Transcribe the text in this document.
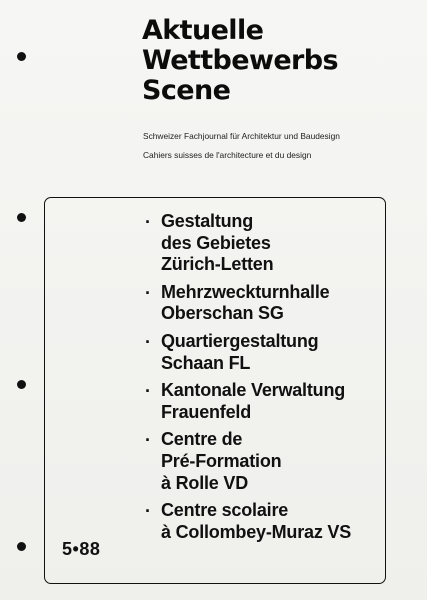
Aktuelle
Wettbewerbs
Scene
Schweizer Fachjournal für Architektur und Baudesign
Cahiers suisses de l'architecture et du design
· Gestaltung
des Gebietes
Zürich-Letten
· Mehrzweckturnhalle
Oberschan SG
· Quartiergestaltung
Schaan FL
· Kantonale Verwaltung
Frauenfeld
· Centre de
Pré-Formation
à Rolle VD
· Centre scolaire
à Collombey-Muraz VS
5•88
